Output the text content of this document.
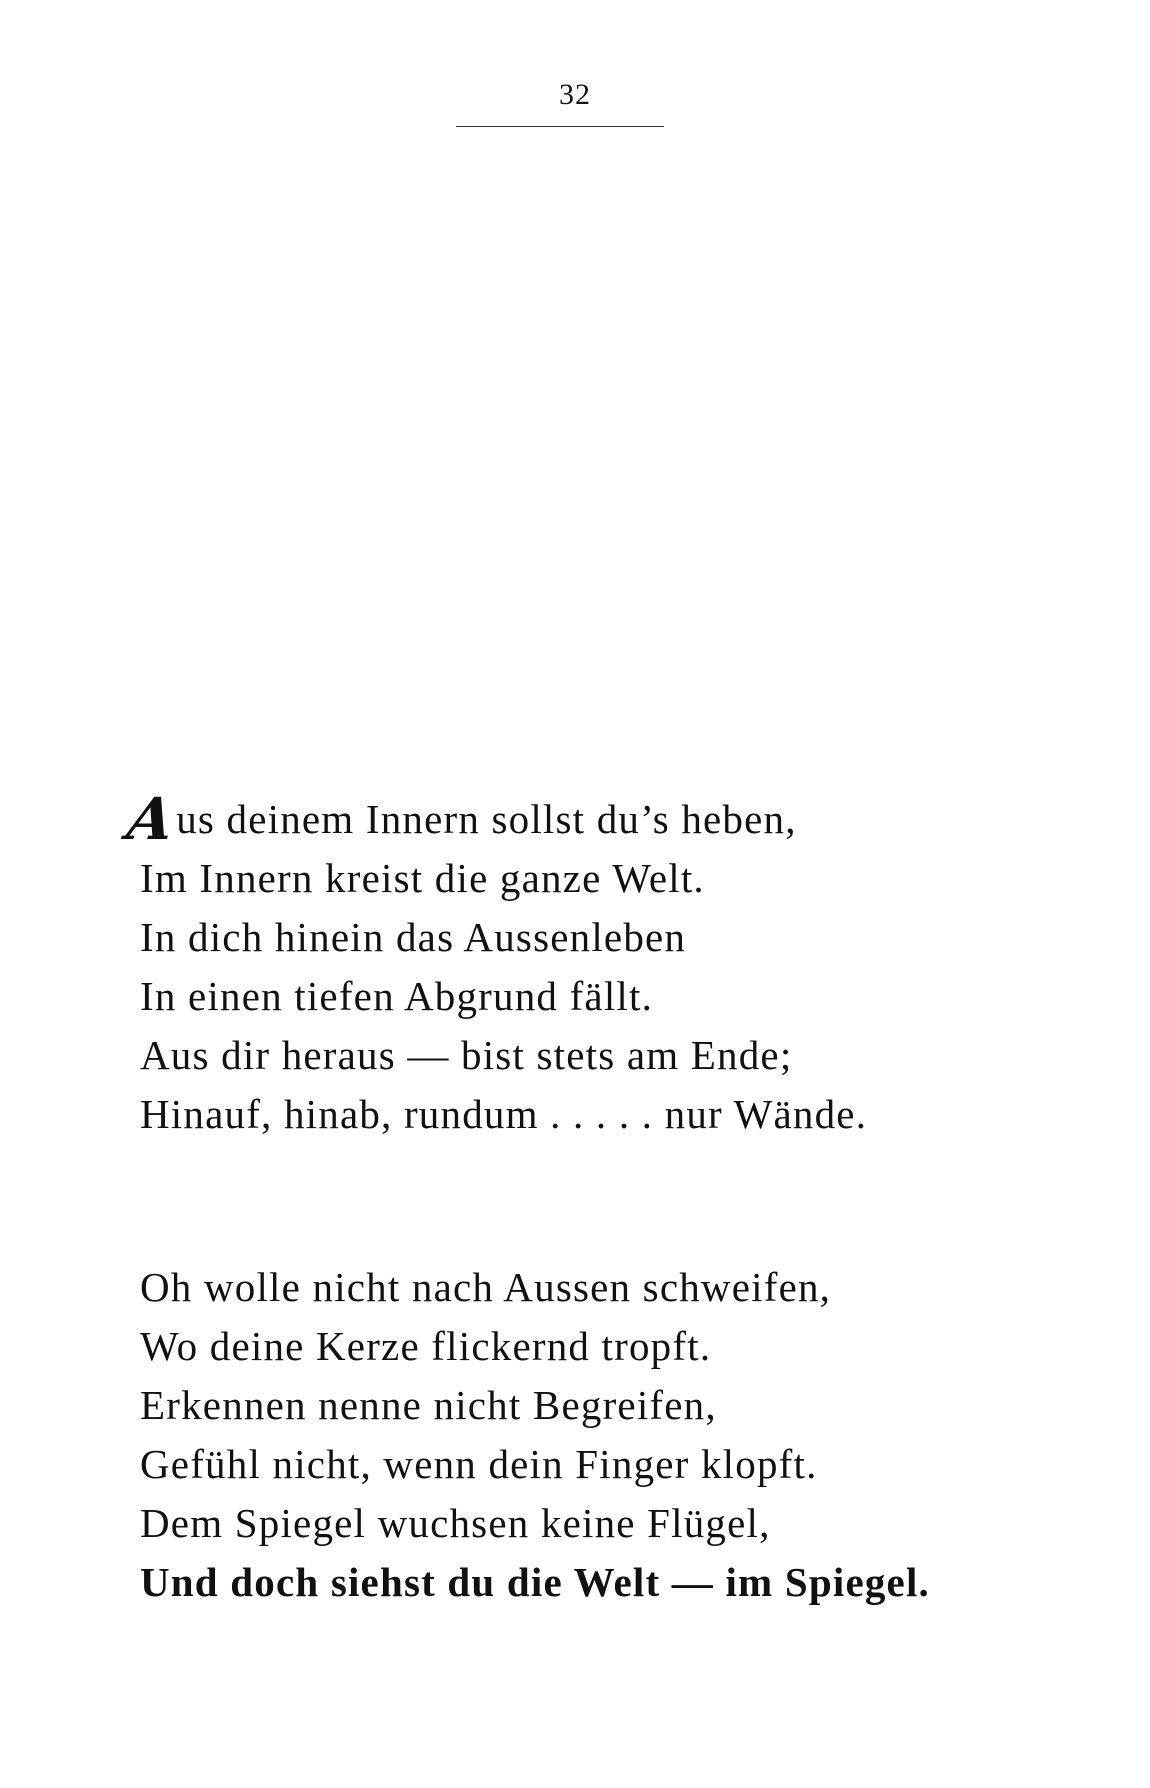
32
Aus deinem Innern sollst du’s heben,
Im Innern kreist die ganze Welt.
In dich hinein das Aussenleben
In einen tiefen Abgrund fällt.
Aus dir heraus — bist stets am Ende;
Hinauf, hinab, rundum . . . . . nur Wände.
Oh wolle nicht nach Aussen schweifen,
Wo deine Kerze flickernd tropft.
Erkennen nenne nicht Begreifen,
Gefühl nicht, wenn dein Finger klopft.
Dem Spiegel wuchsen keine Flügel,
Und doch siehst du die Welt — im Spiegel.
